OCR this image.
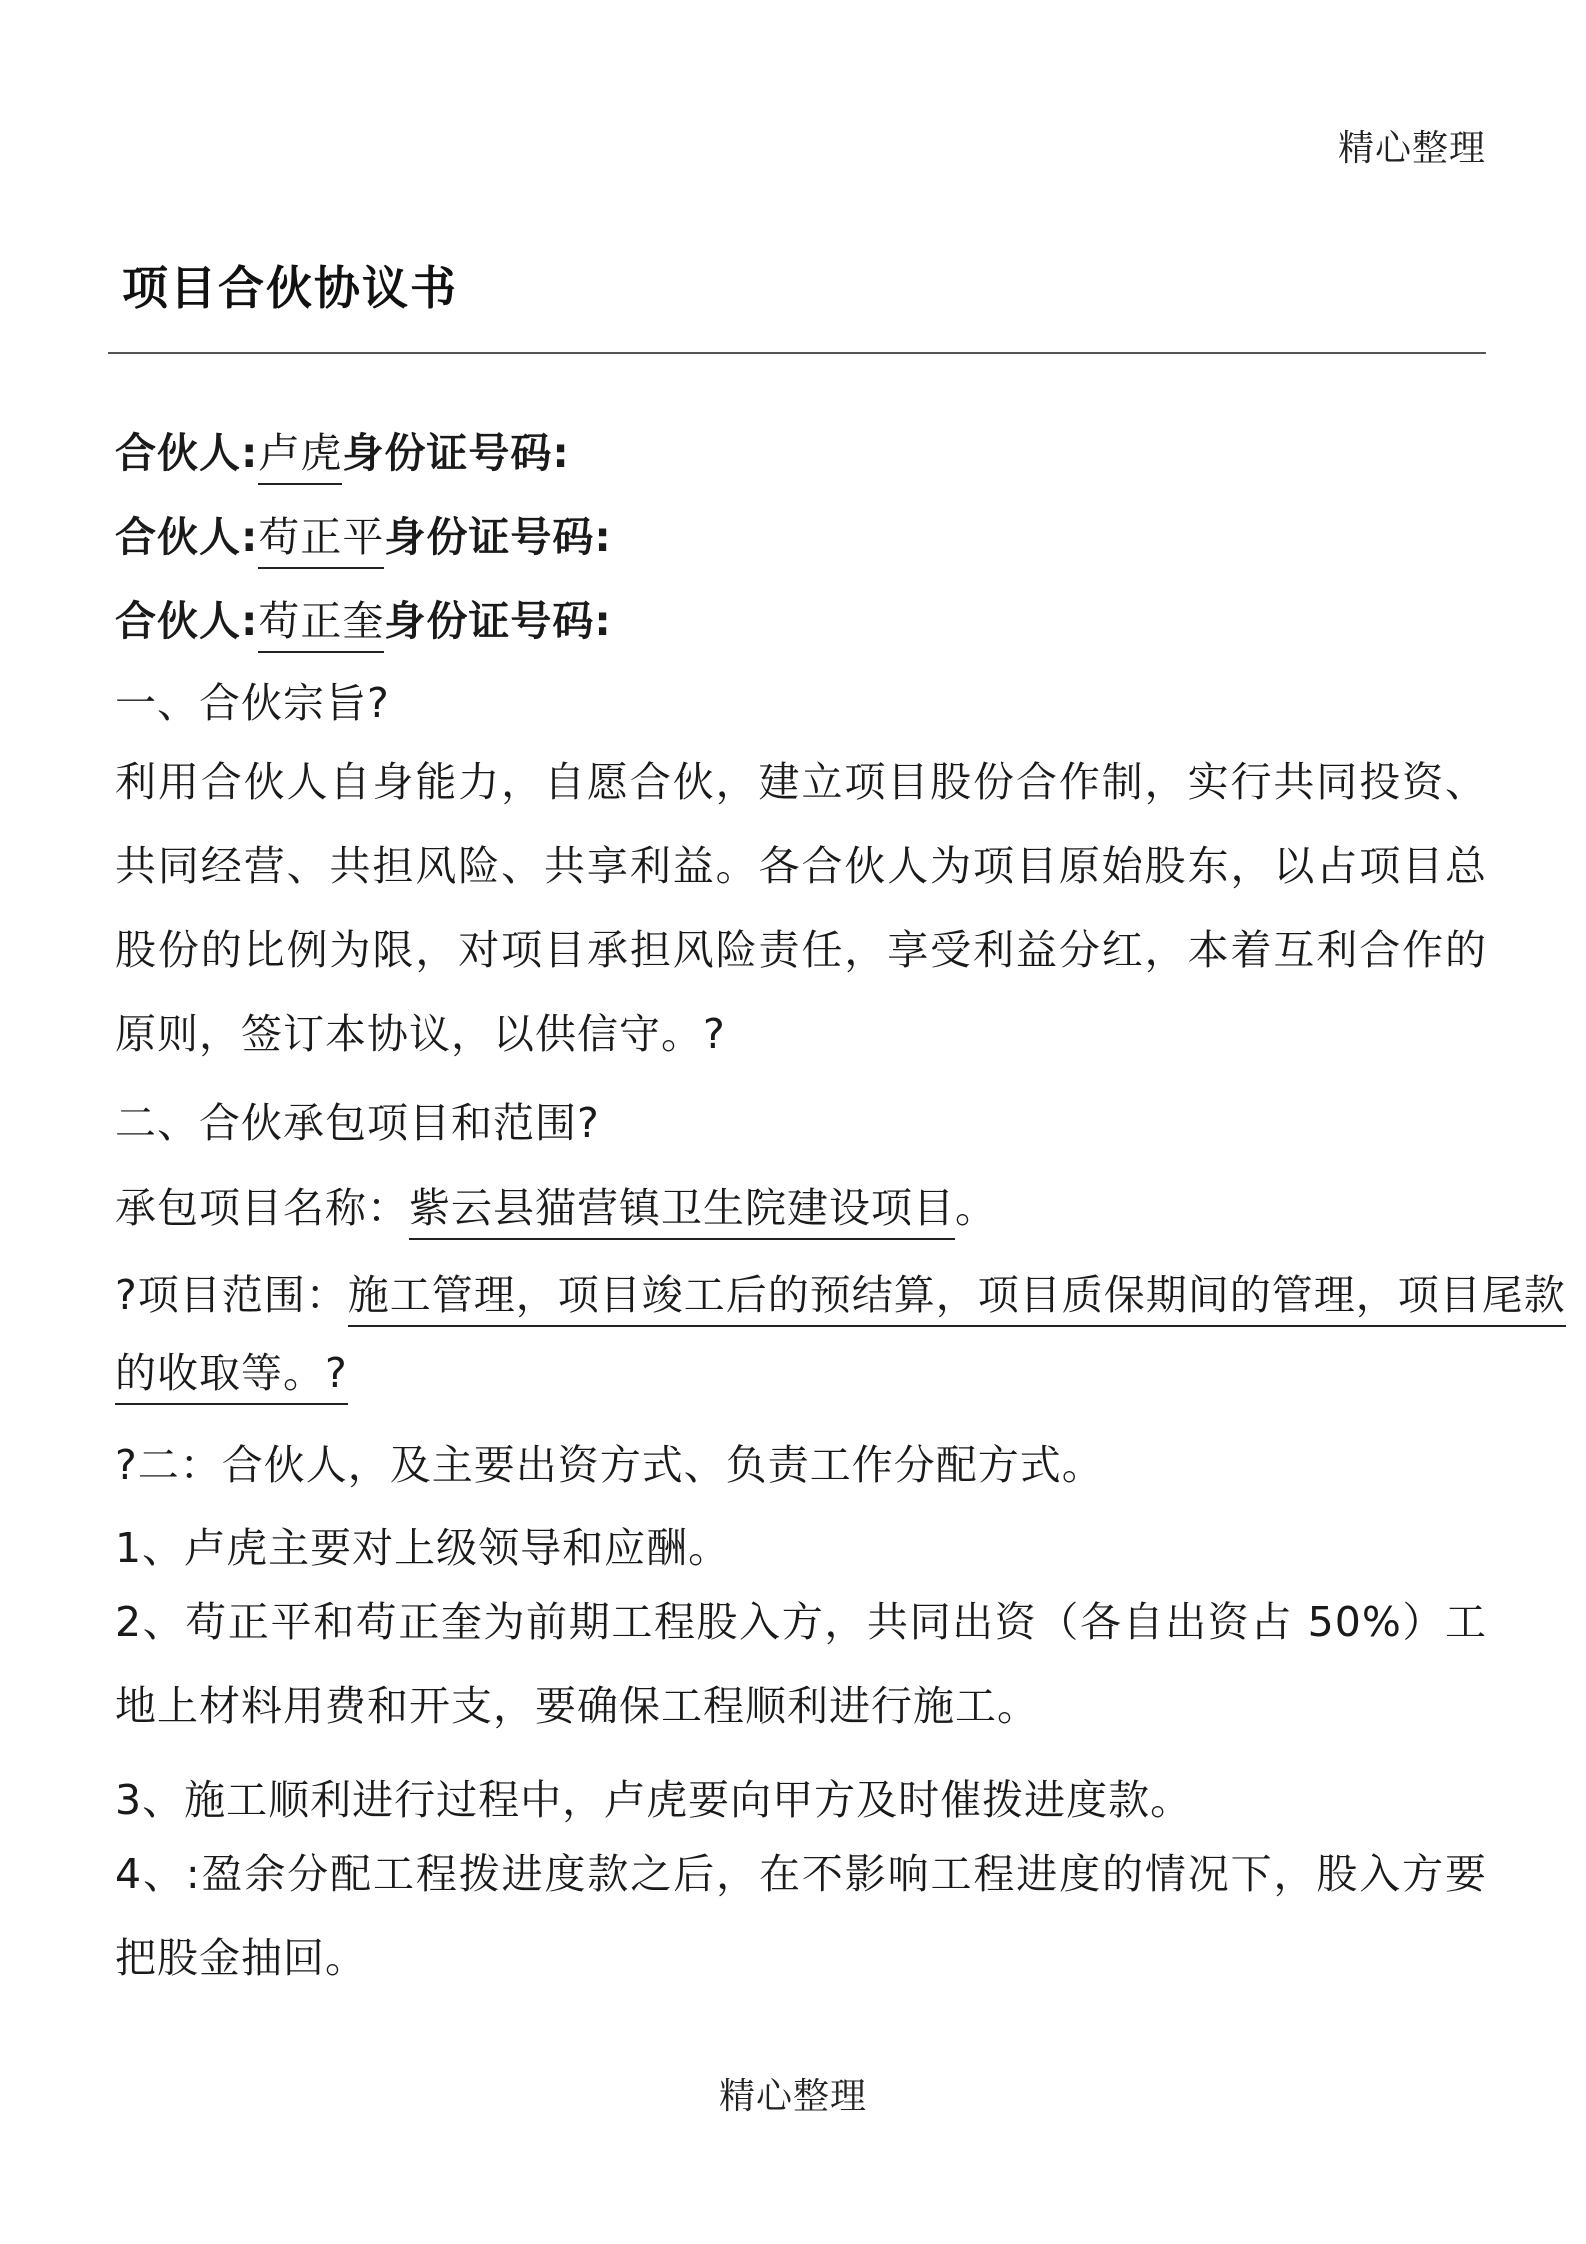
精心整理
项目合伙协议书
合伙人:卢虎身份证号码:
合伙人:苟正平身份证号码:
合伙人:苟正奎身份证号码:
一、合伙宗旨?
利用合伙人自身能力，自愿合伙，建立项目股份合作制，实行共同投资、共同经营、共担风险、共享利益。各合伙人为项目原始股东，以占项目总股份的比例为限，对项目承担风险责任，享受利益分红，本着互利合作的原则，签订本协议，以供信守。?
二、合伙承包项目和范围?
承包项目名称：紫云县猫营镇卫生院建设项目。
?项目范围：施工管理，项目竣工后的预结算，项目质保期间的管理，项目尾款
的收取等。?
?二：合伙人，及主要出资方式、负责工作分配方式。
1、卢虎主要对上级领导和应酬。
2、苟正平和苟正奎为前期工程股入方，共同出资（各自出资占 50%）工地上材料用费和开支，要确保工程顺利进行施工。
3、施工顺利进行过程中，卢虎要向甲方及时催拨进度款。
4、:盈余分配工程拨进度款之后，在不影响工程进度的情况下，股入方要把股金抽回。
精心整理
